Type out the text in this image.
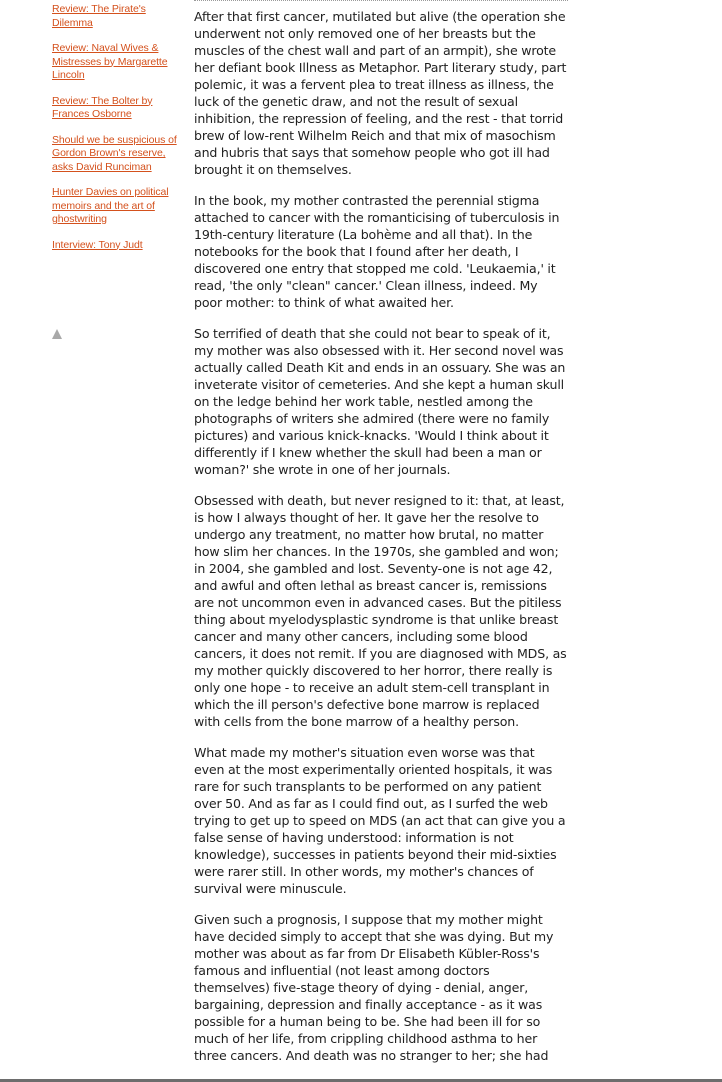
Review: The Pirate's Dilemma
Review: Naval Wives & Mistresses by Margarette Lincoln
Review: The Bolter by Frances Osborne
Should we be suspicious of Gordon Brown's reserve, asks David Runciman
Hunter Davies on political memoirs and the art of ghostwriting
Interview: Tony Judt

After that first cancer, mutilated but alive (the operation she underwent not only removed one of her breasts but the muscles of the chest wall and part of an armpit), she wrote her defiant book Illness as Metaphor. Part literary study, part polemic, it was a fervent plea to treat illness as illness, the luck of the genetic draw, and not the result of sexual inhibition, the repression of feeling, and the rest - that torrid brew of low-rent Wilhelm Reich and that mix of masochism and hubris that says that somehow people who got ill had brought it on themselves.

In the book, my mother contrasted the perennial stigma attached to cancer with the romanticising of tuberculosis in 19th-century literature (La bohème and all that). In the notebooks for the book that I found after her death, I discovered one entry that stopped me cold. 'Leukaemia,' it read, 'the only "clean" cancer.' Clean illness, indeed. My poor mother: to think of what awaited her.

So terrified of death that she could not bear to speak of it, my mother was also obsessed with it. Her second novel was actually called Death Kit and ends in an ossuary. She was an inveterate visitor of cemeteries. And she kept a human skull on the ledge behind her work table, nestled among the photographs of writers she admired (there were no family pictures) and various knick-knacks. 'Would I think about it differently if I knew whether the skull had been a man or woman?' she wrote in one of her journals.

Obsessed with death, but never resigned to it: that, at least, is how I always thought of her. It gave her the resolve to undergo any treatment, no matter how brutal, no matter how slim her chances. In the 1970s, she gambled and won; in 2004, she gambled and lost. Seventy-one is not age 42, and awful and often lethal as breast cancer is, remissions are not uncommon even in advanced cases. But the pitiless thing about myelodysplastic syndrome is that unlike breast cancer and many other cancers, including some blood cancers, it does not remit. If you are diagnosed with MDS, as my mother quickly discovered to her horror, there really is only one hope - to receive an adult stem-cell transplant in which the ill person's defective bone marrow is replaced with cells from the bone marrow of a healthy person.

What made my mother's situation even worse was that even at the most experimentally oriented hospitals, it was rare for such transplants to be performed on any patient over 50. And as far as I could find out, as I surfed the web trying to get up to speed on MDS (an act that can give you a false sense of having understood: information is not knowledge), successes in patients beyond their mid-sixties were rarer still. In other words, my mother's chances of survival were minuscule.

Given such a prognosis, I suppose that my mother might have decided simply to accept that she was dying. But my mother was about as far from Dr Elisabeth Kübler-Ross's famous and influential (not least among doctors themselves) five-stage theory of dying - denial, anger, bargaining, depression and finally acceptance - as it was possible for a human being to be. She had been ill for so much of her life, from crippling childhood asthma to her three cancers. And death was no stranger to her; she had
